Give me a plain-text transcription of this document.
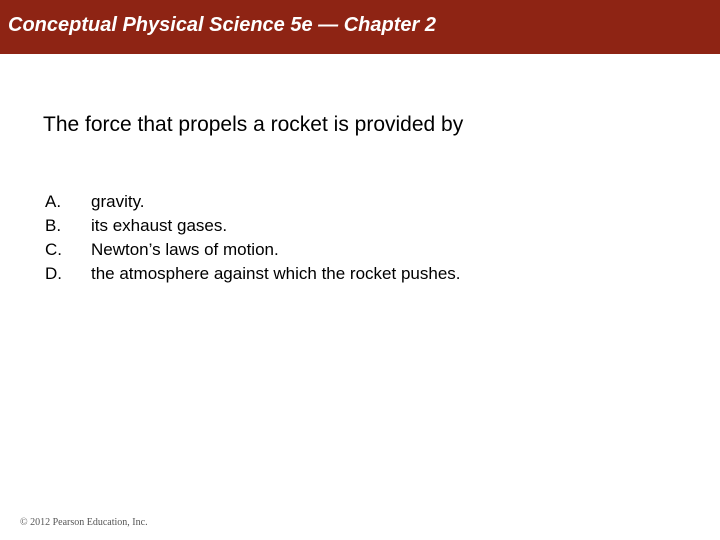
Conceptual Physical Science 5e — Chapter 2
The force that propels a rocket is provided by
A. gravity.
B. its exhaust gases.
C. Newton’s laws of motion.
D. the atmosphere against which the rocket pushes.
© 2012 Pearson Education, Inc.
